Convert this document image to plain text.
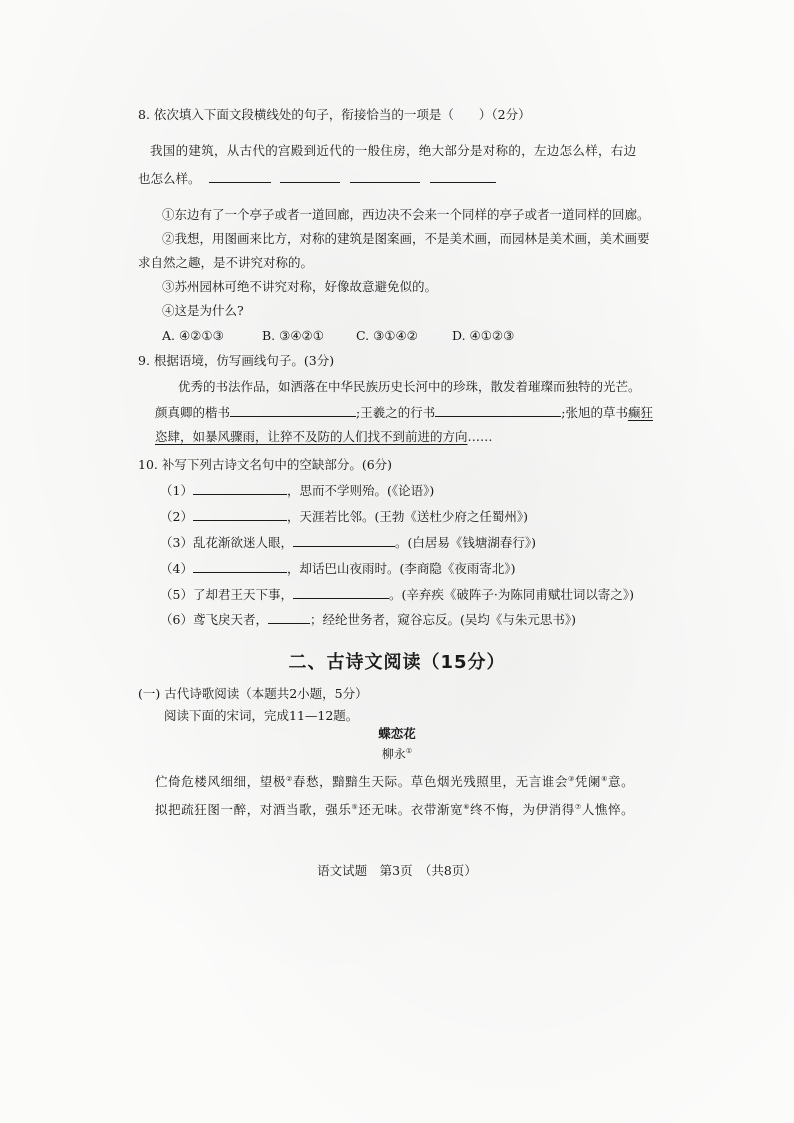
8. 依次填入下面文段横线处的句子，衔接恰当的一项是（　　）（2分）
我国的建筑，从古代的宫殿到近代的一般住房，绝大部分是对称的，左边怎么样，右边
也怎么样。
①东边有了一个亭子或者一道回廊，西边决不会来一个同样的亭子或者一道同样的回廊。
②我想，用图画来比方，对称的建筑是图案画，不是美术画，而园林是美术画，美术画要
求自然之趣，是不讲究对称的。
③苏州园林可绝不讲究对称，好像故意避免似的。
④这是为什么?
A. ④②①③	B. ③④②①	C. ③①④②	D. ④①②③
9. 根据语境，仿写画线句子。(3分)
优秀的书法作品，如洒落在中华民族历史长河中的珍珠，散发着璀璨而独特的光芒。
颜真卿的楷书	;王羲之的行书	;张旭的草书癫狂
恣肆，如暴风骤雨，让猝不及防的人们找不到前进的方向……
10. 补写下列古诗文名句中的空缺部分。(6分)
（1）	，思而不学则殆。(《论语》)
（2）	，天涯若比邻。(王勃《送杜少府之任蜀州》)
（3）乱花渐欲迷人眼，	。(白居易《钱塘湖春行》)
（4）	，却话巴山夜雨时。(李商隐《夜雨寄北》)
（5）了却君王天下事，	。(辛弃疾《破阵子·为陈同甫赋壮词以寄之》)
（6）鸢飞戾天者，	；经纶世务者，窥谷忘反。(吴均《与朱元思书》)
二、古诗文阅读（15分）
(一) 古代诗歌阅读（本题共2小题，5分）
阅读下面的宋词，完成11—12题。
蝶恋花
柳永①
伫倚危楼风细细，望极②春愁，黯黯生天际。草色烟光残照里，无言谁会③凭阑④意。
拟把疏狂图一醉，对酒当歌，强乐⑤还无味。衣带渐宽⑥终不悔，为伊消得⑦人憔悴。
语文试题　第3页　（共8页）
